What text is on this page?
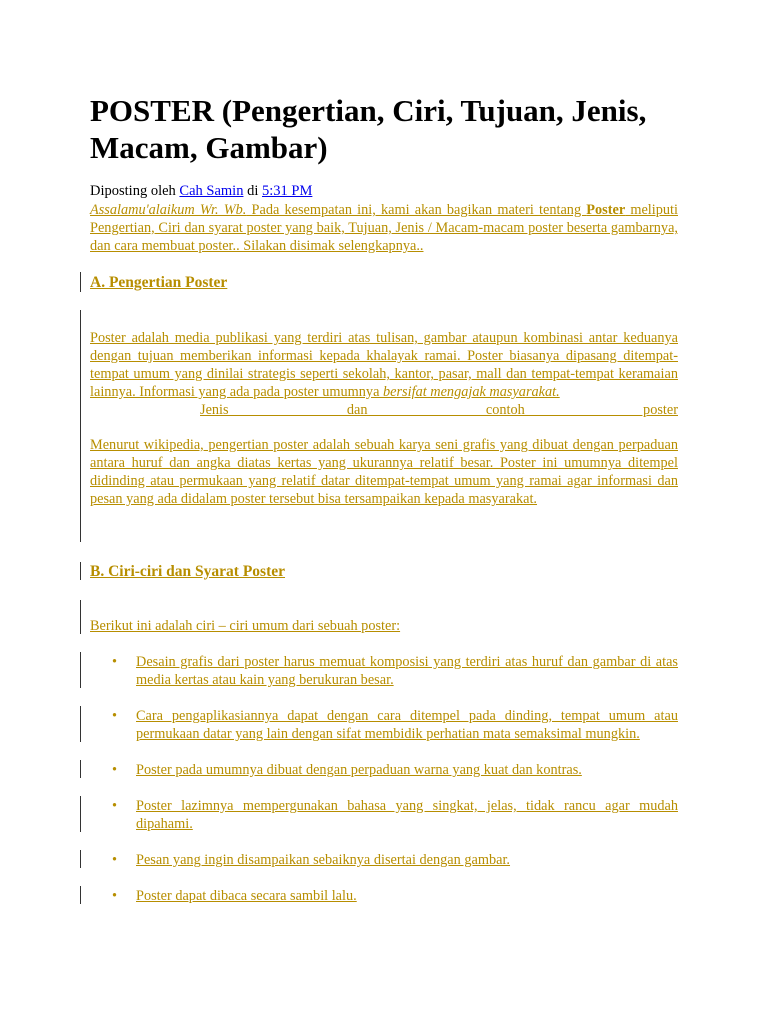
POSTER (Pengertian, Ciri, Tujuan, Jenis, Macam, Gambar)
Diposting oleh Cah Samin di 5:31 PM

Assalamu'alaikum Wr. Wb. Pada kesempatan ini, kami akan bagikan materi tentang Poster meliputi Pengertian, Ciri dan syarat poster yang baik, Tujuan, Jenis / Macam-macam poster beserta gambarnya, dan cara membuat poster.. Silakan disimak selengkapnya..

A. Pengertian Poster

Poster adalah media publikasi yang terdiri atas tulisan, gambar ataupun kombinasi antar keduanya dengan tujuan memberikan informasi kepada khalayak ramai. Poster biasanya dipasang ditempat-tempat umum yang dinilai strategis seperti sekolah, kantor, pasar, mall dan tempat-tempat keramaian lainnya. Informasi yang ada pada poster umumnya bersifat mengajak masyarakat.

Jenis dan contoh poster

Menurut wikipedia, pengertian poster adalah sebuah karya seni grafis yang dibuat dengan perpaduan antara huruf dan angka diatas kertas yang ukurannya relatif besar. Poster ini umumnya ditempel didinding atau permukaan yang relatif datar ditempat-tempat umum yang ramai agar informasi dan pesan yang ada didalam poster tersebut bisa tersampaikan kepada masyarakat.

B. Ciri-ciri dan Syarat Poster

Berikut ini adalah ciri – ciri umum dari sebuah poster:

• Desain grafis dari poster harus memuat komposisi yang terdiri atas huruf dan gambar di atas media kertas atau kain yang berukuran besar.
• Cara pengaplikasiannya dapat dengan cara ditempel pada dinding, tempat umum atau permukaan datar yang lain dengan sifat membidik perhatian mata semaksimal mungkin.
• Poster pada umumnya dibuat dengan perpaduan warna yang kuat dan kontras.
• Poster lazimnya mempergunakan bahasa yang singkat, jelas, tidak rancu agar mudah dipahami.
• Pesan yang ingin disampaikan sebaiknya disertai dengan gambar.
• Poster dapat dibaca secara sambil lalu.
